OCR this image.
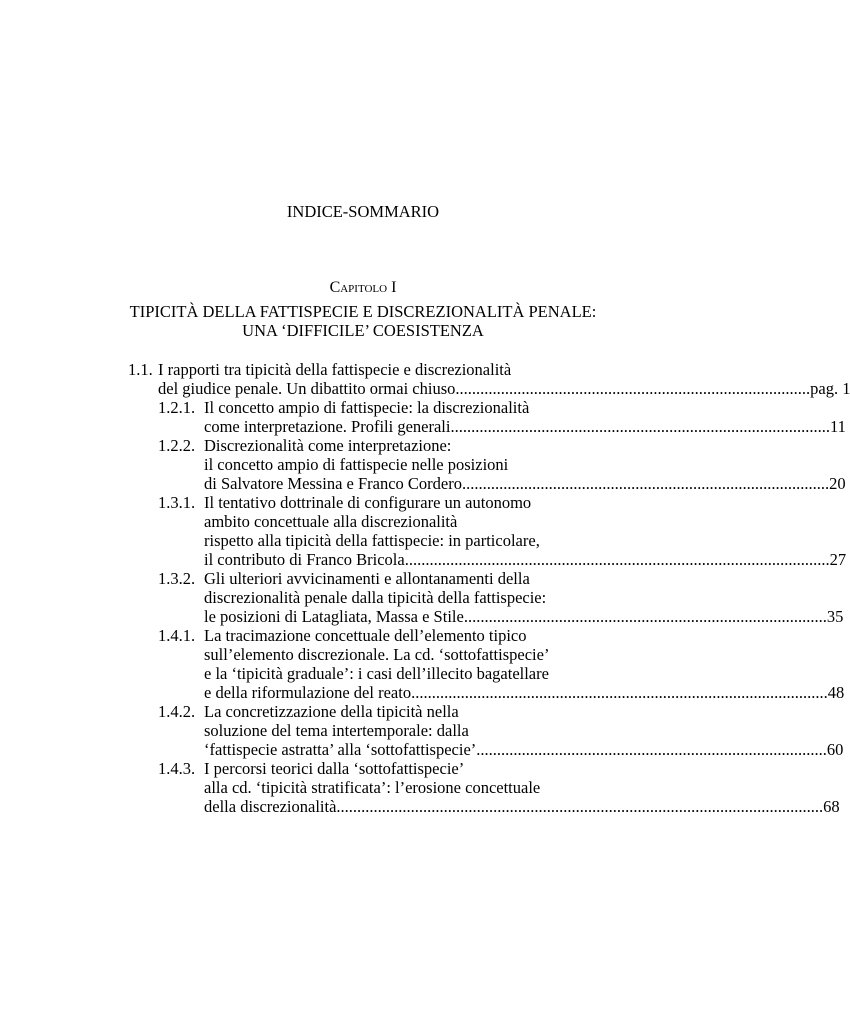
INDICE-SOMMARIO
Capitolo I
TIPICITÀ DELLA FATTISPECIE E DISCREZIONALITÀ PENALE:
UNA ‘DIFFICILE’ COESISTENZA
1.1. I rapporti tra tipicità della fattispecie e discrezionalità
del giudice penale. Un dibattito ormai chiuso ...................................................................................... pag. 1
1.2.1. Il concetto ampio di fattispecie: la discrezionalità
come interpretazione. Profili generali ............................................................................................ 11
1.2.2. Discrezionalità come interpretazione:
il concetto ampio di fattispecie nelle posizioni
di Salvatore Messina e Franco Cordero ......................................................................................... 20
1.3.1. Il tentativo dottrinale di configurare un autonomo
ambito concettuale alla discrezionalità
rispetto alla tipicità della fattispecie: in particolare,
il contributo di Franco Bricola ....................................................................................................... 27
1.3.2. Gli ulteriori avvicinamenti e allontanamenti della
discrezionalità penale dalla tipicità della fattispecie:
le posizioni di Latagliata, Massa e Stile ........................................................................................ 35
1.4.1. La tracimazione concettuale dell’elemento tipico
sull’elemento discrezionale. La cd. ‘sottofattispecie’
e la ‘tipicità graduale’: i casi dell’illecito bagatellare
e della riformulazione del reato ..................................................................................................... 48
1.4.2. La concretizzazione della tipicità nella
soluzione del tema intertemporale: dalla
‘fattispecie astratta’ alla ‘sottofattispecie’ ..................................................................................... 60
1.4.3. I percorsi teorici dalla ‘sottofattispecie’
alla cd. ‘tipicità stratificata’: l’erosione concettuale
della discrezionalità ...................................................................................................................... 68
